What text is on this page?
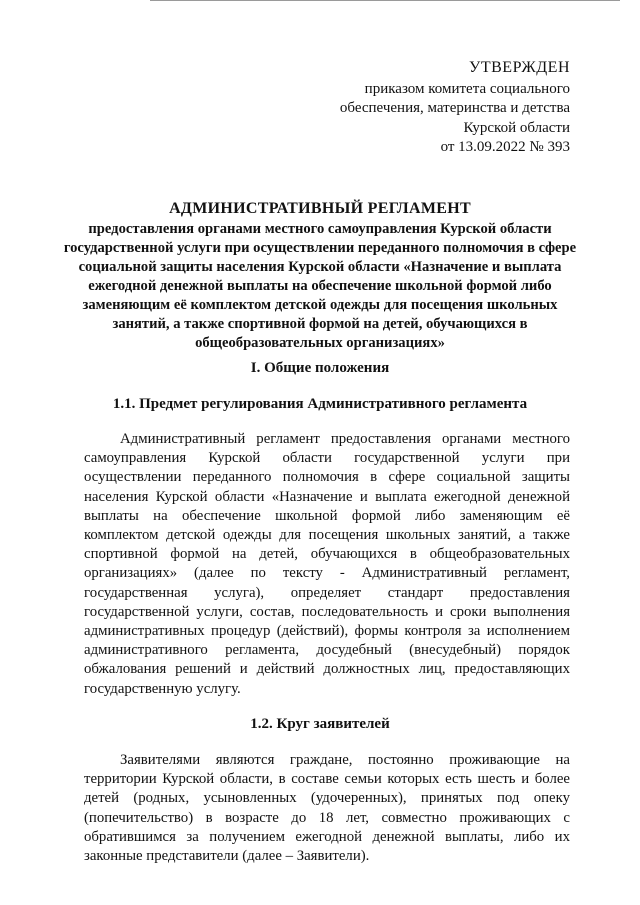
УТВЕРЖДЕН
приказом комитета социального
обеспечения, материнства и детства
Курской области
от 13.09.2022 № 393
АДМИНИСТРАТИВНЫЙ РЕГЛАМЕНТ
предоставления органами местного самоуправления Курской области государственной услуги при осуществлении переданного полномочия в сфере социальной защиты населения Курской области «Назначение и выплата ежегодной денежной выплаты на обеспечение школьной формой либо заменяющим её комплектом детской одежды для посещения школьных занятий, а также спортивной формой на детей, обучающихся в общеобразовательных организациях»
I. Общие положения
1.1. Предмет регулирования Административного регламента

Административный регламент предоставления органами местного самоуправления Курской области государственной услуги при осуществлении переданного полномочия в сфере социальной защиты населения Курской области «Назначение и выплата ежегодной денежной выплаты на обеспечение школьной формой либо заменяющим её комплектом детской одежды для посещения школьных занятий, а также спортивной формой на детей, обучающихся в общеобразовательных организациях» (далее по тексту - Административный регламент, государственная услуга), определяет стандарт предоставления государственной услуги, состав, последовательность и сроки выполнения административных процедур (действий), формы контроля за исполнением административного регламента, досудебный (внесудебный) порядок обжалования решений и действий должностных лиц, предоставляющих государственную услугу.

1.2. Круг заявителей

Заявителями являются граждане, постоянно проживающие на территории Курской области, в составе семьи которых есть шесть и более детей (родных, усыновленных (удочеренных), принятых под опеку (попечительство) в возрасте до 18 лет, совместно проживающих с обратившимся за получением ежегодной денежной выплаты, либо их законные представители (далее – Заявители).
